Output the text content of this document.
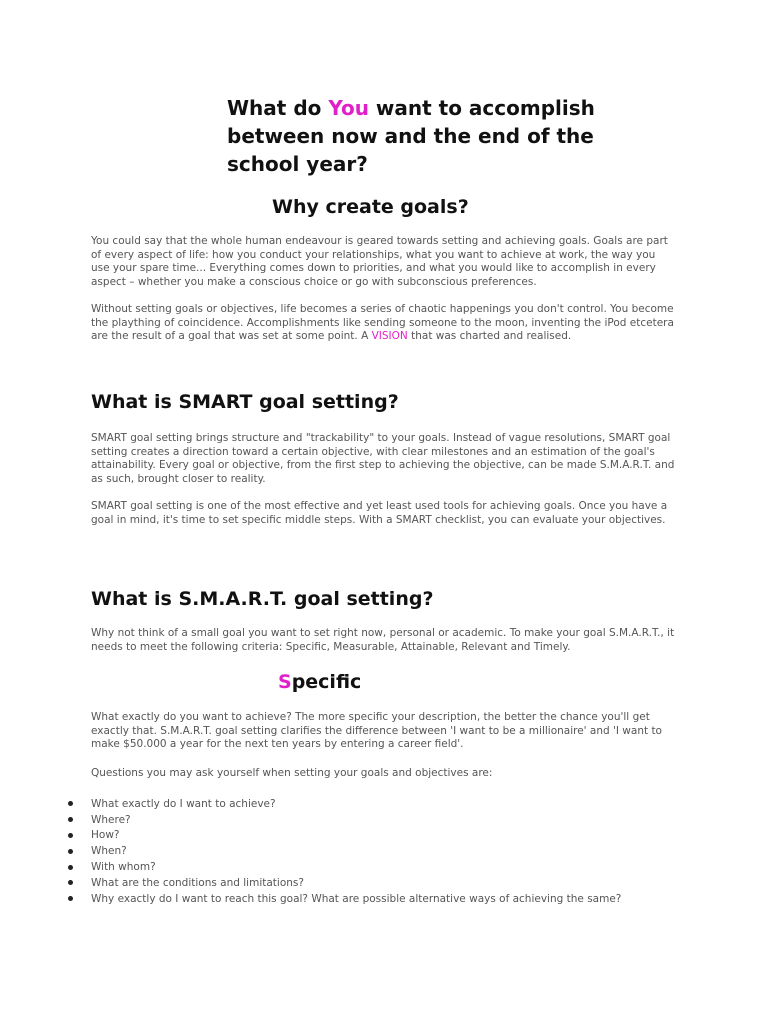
What do You want to accomplish between now and the end of the school year?
Why create goals?

You could say that the whole human endeavour is geared towards setting and achieving goals. Goals are part of every aspect of life: how you conduct your relationships, what you want to achieve at work, the way you use your spare time... Everything comes down to priorities, and what you would like to accomplish in every aspect – whether you make a conscious choice or go with subconscious preferences.

Without setting goals or objectives, life becomes a series of chaotic happenings you don't control. You become the plaything of coincidence. Accomplishments like sending someone to the moon, inventing the iPod etcetera are the result of a goal that was set at some point. A VISION that was charted and realised.

What is SMART goal setting?

SMART goal setting brings structure and "trackability" to your goals. Instead of vague resolutions, SMART goal setting creates a direction toward a certain objective, with clear milestones and an estimation of the goal's attainability. Every goal or objective, from the first step to achieving the objective, can be made S.M.A.R.T. and as such, brought closer to reality.

SMART goal setting is one of the most effective and yet least used tools for achieving goals. Once you have a goal in mind, it's time to set specific middle steps. With a SMART checklist, you can evaluate your objectives.

What is S.M.A.R.T. goal setting?

Why not think of a small goal you want to set right now, personal or academic. To make your goal S.M.A.R.T., it needs to meet the following criteria: Specific, Measurable, Attainable, Relevant and Timely.

Specific

What exactly do you want to achieve? The more specific your description, the better the chance you'll get exactly that. S.M.A.R.T. goal setting clarifies the difference between 'I want to be a millionaire' and 'I want to make $50.000 a year for the next ten years by entering a career field'.

Questions you may ask yourself when setting your goals and objectives are:

What exactly do I want to achieve?
Where?
How?
When?
With whom?
What are the conditions and limitations?
Why exactly do I want to reach this goal? What are possible alternative ways of achieving the same?
